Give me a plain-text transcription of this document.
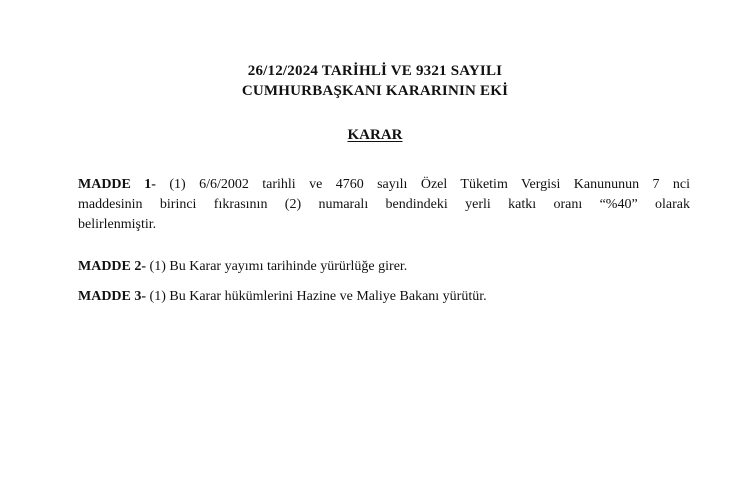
26/12/2024 TARİHLİ VE 9321 SAYILI
CUMHURBAŞKANI KARARININ EKİ
KARAR
MADDE 1- (1) 6/6/2002 tarihli ve 4760 sayılı Özel Tüketim Vergisi Kanununun 7 nci
maddesinin birinci fıkrasının (2) numaralı bendindeki yerli katkı oranı “%40” olarak
belirlenmiştir.
MADDE 2- (1) Bu Karar yayımı tarihinde yürürlüğe girer.
MADDE 3- (1) Bu Karar hükümlerini Hazine ve Maliye Bakanı yürütür.
